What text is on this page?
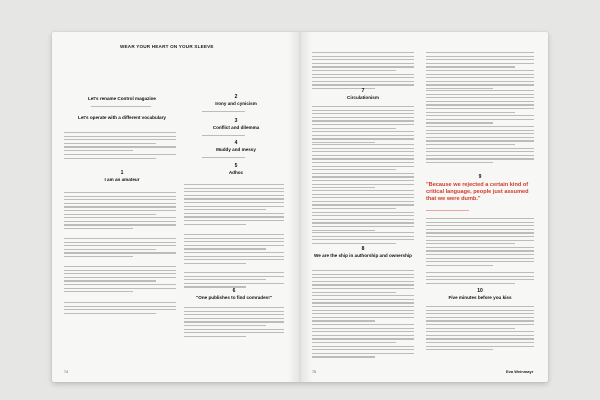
WEAR YOUR HEART ON YOUR SLEEVE
Let's rename Control magazine
Let's operate with a different vocabulary
1
I am an amateur
74
2
Irony and cynicism
3
Conflict and dilemma
4
Muddy and messy
5
Adhoc
6
"One publishes to find comrades!"
7
Circulationism
8
We are the ship in authorship and ownership
75
9
"Because we rejected a certain kind of critical language, people just assumed that we were dumb."
10
Five minutes before you kiss
Eva Weinmayr
